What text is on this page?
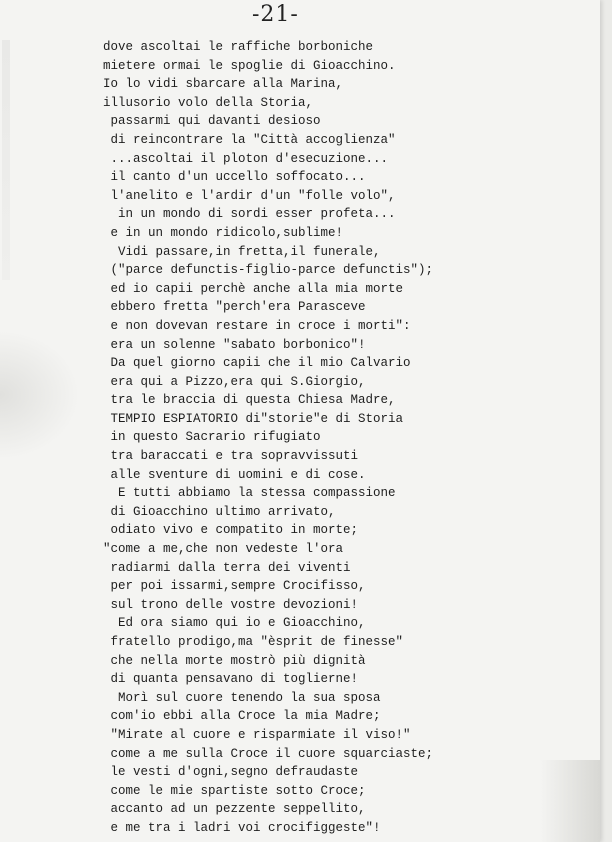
-21-
dove ascoltai le raffiche borboniche
mietere ormai le spoglie di Gioacchino.
Io lo vidi sbarcare alla Marina,
illusorio volo della Storia,
passarmi qui davanti desioso
di reincontrare la "Città accoglienza"
...ascoltai il ploton d'esecuzione...
il canto d'un uccello soffocato...
l'anelito e l'ardir d'un "folle volo",
in un mondo di sordi esser profeta...
e in un mondo ridicolo,sublime!
Vidi passare,in fretta,il funerale,
("parce defunctis-figlio-parce defunctis");
ed io capii perchè anche alla mia morte
ebbero fretta "perch'era Parasceve
e non dovevan restare in croce i morti":
era un solenne "sabato borbonico"!
Da quel giorno capii che il mio Calvario
era qui a Pizzo,era qui S.Giorgio,
tra le braccia di questa Chiesa Madre,
TEMPIO ESPIATORIO di"storie"e di Storia
in questo Sacrario rifugiato
tra baraccati e tra sopravvissuti
alle sventure di uomini e di cose.
E tutti abbiamo la stessa compassione
di Gioacchino ultimo arrivato,
odiato vivo e compatito in morte;
"come a me,che non vedeste l'ora
radiarmi dalla terra dei viventi
per poi issarmi,sempre Crocifisso,
sul trono delle vostre devozioni!
Ed ora siamo qui io e Gioacchino,
fratello prodigo,ma "èsprit de finesse"
che nella morte mostrò più dignità
di quanta pensavano di toglierne!
Morì sul cuore tenendo la sua sposa
com'io ebbi alla Croce la mia Madre;
"Mirate al cuore e risparmiate il viso!"
come a me sulla Croce il cuore squarciaste;
le vesti d'ogni,segno defraudaste
come le mie spartiste sotto Croce;
accanto ad un pezzente seppellito,
e me tra i ladri voi crocifiggeste"!
